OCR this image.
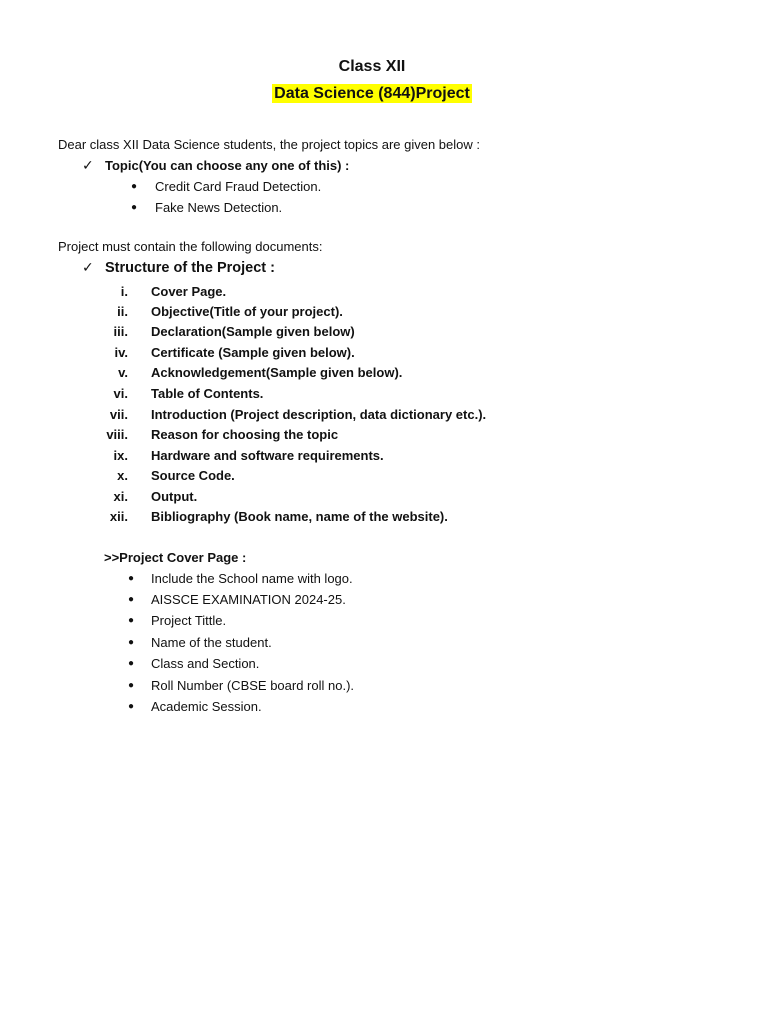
Class XII
Data Science (844)Project
Dear class XII Data Science students, the project topics are given below :
✓ Topic(You can choose any one of this) :
● Credit Card Fraud Detection.
● Fake News Detection.
Project must contain the following documents:
✓ Structure of the Project :
i. Cover Page.
ii. Objective(Title of your project).
iii. Declaration(Sample given below)
iv. Certificate (Sample given below).
v. Acknowledgement(Sample given below).
vi. Table of Contents.
vii. Introduction (Project description, data dictionary etc.).
viii. Reason for choosing the topic
ix. Hardware and software requirements.
x. Source Code.
xi. Output.
xii. Bibliography (Book name, name of the website).
>>Project Cover Page :
● Include the School name with logo.
● AISSCE EXAMINATION 2024-25.
● Project Tittle.
● Name of the student.
● Class and Section.
● Roll Number (CBSE board roll no.).
● Academic Session.
